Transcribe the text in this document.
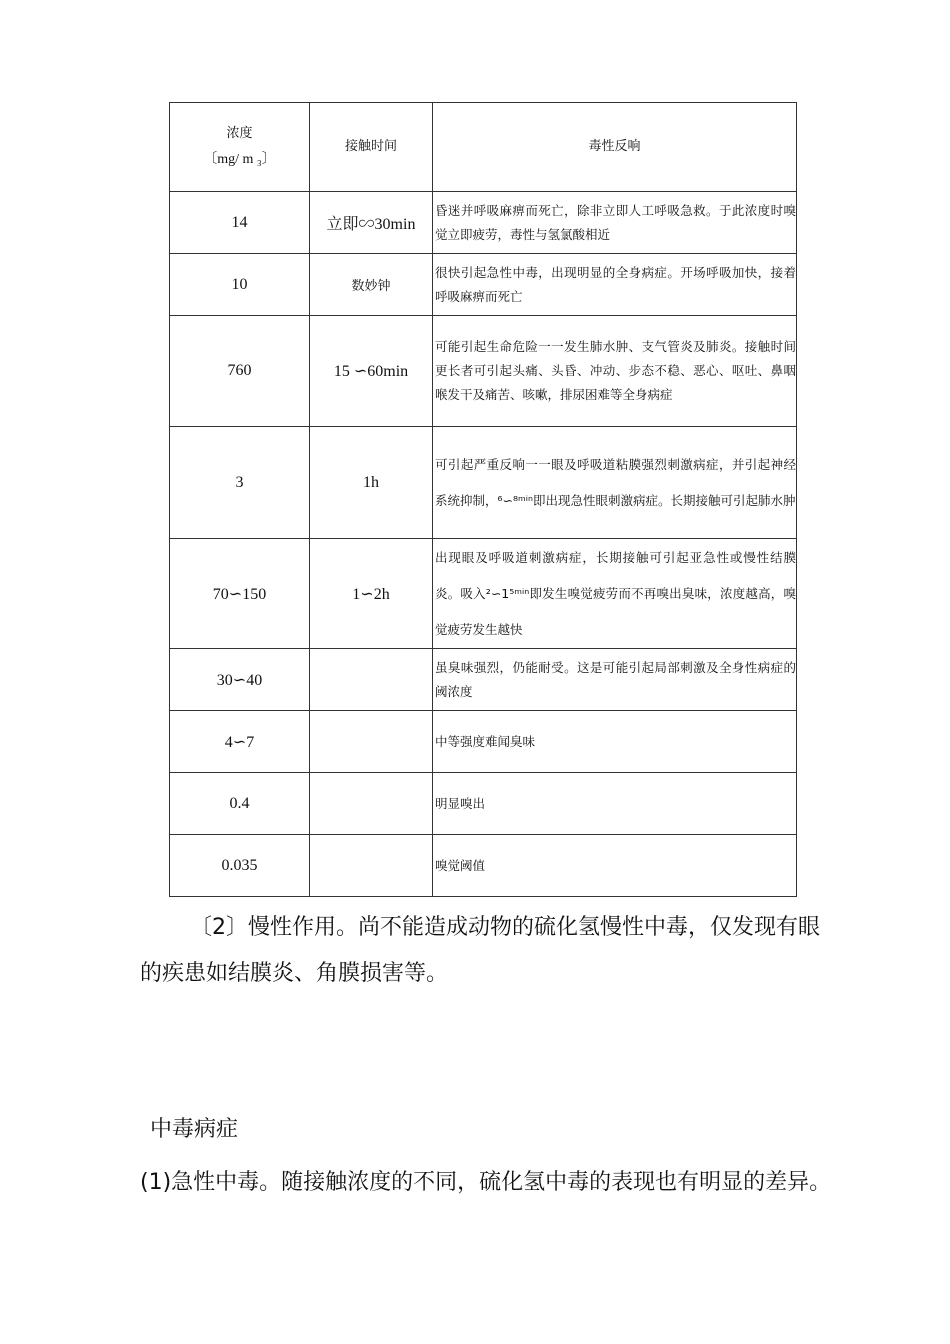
浓度
〔mg/ m ₃〕	接触时间	毒性反响
14	立即∽30min	昏迷并呼吸麻痹而死亡，除非立即人工呼吸急救。于此浓度时嗅觉立即疲劳，毒性与氢氯酸相近
10	数妙钟	很快引起急性中毒，出现明显的全身病症。开场呼吸加快，接着呼吸麻痹而死亡
760	15 ∽60min	可能引起生命危险一一发生肺水肿、支气管炎及肺炎。接触时间更长者可引起头痛、头昏、冲动、步态不稳、恶心、呕吐、鼻咽喉发干及痛苦、咳嗽，排尿困难等全身病症
3	1h	可引起严重反响一一眼及呼吸道粘膜强烈刺激病症，并引起神经系统抑制，⁶∽⁸ᵐⁱⁿ即出现急性眼刺激病症。长期接触可引起肺水肿
70∽150	1∽2h	出现眼及呼吸道刺激病症，长期接触可引起亚急性或慢性结膜炎。吸入²∽1⁵ᵐⁱⁿ即发生嗅觉疲劳而不再嗅出臭味，浓度越高，嗅觉疲劳发生越快
30∽40		虽臭味强烈，仍能耐受。这是可能引起局部刺激及全身性病症的阈浓度
4∽7		中等强度难闻臭味
0.4		明显嗅出
0.035		嗅觉阈值
〔2〕慢性作用。尚不能造成动物的硫化氢慢性中毒，仅发现有眼的疾患如结膜炎、角膜损害等。
中毒病症
(1)急性中毒。随接触浓度的不同，硫化氢中毒的表现也有明显的差异。
